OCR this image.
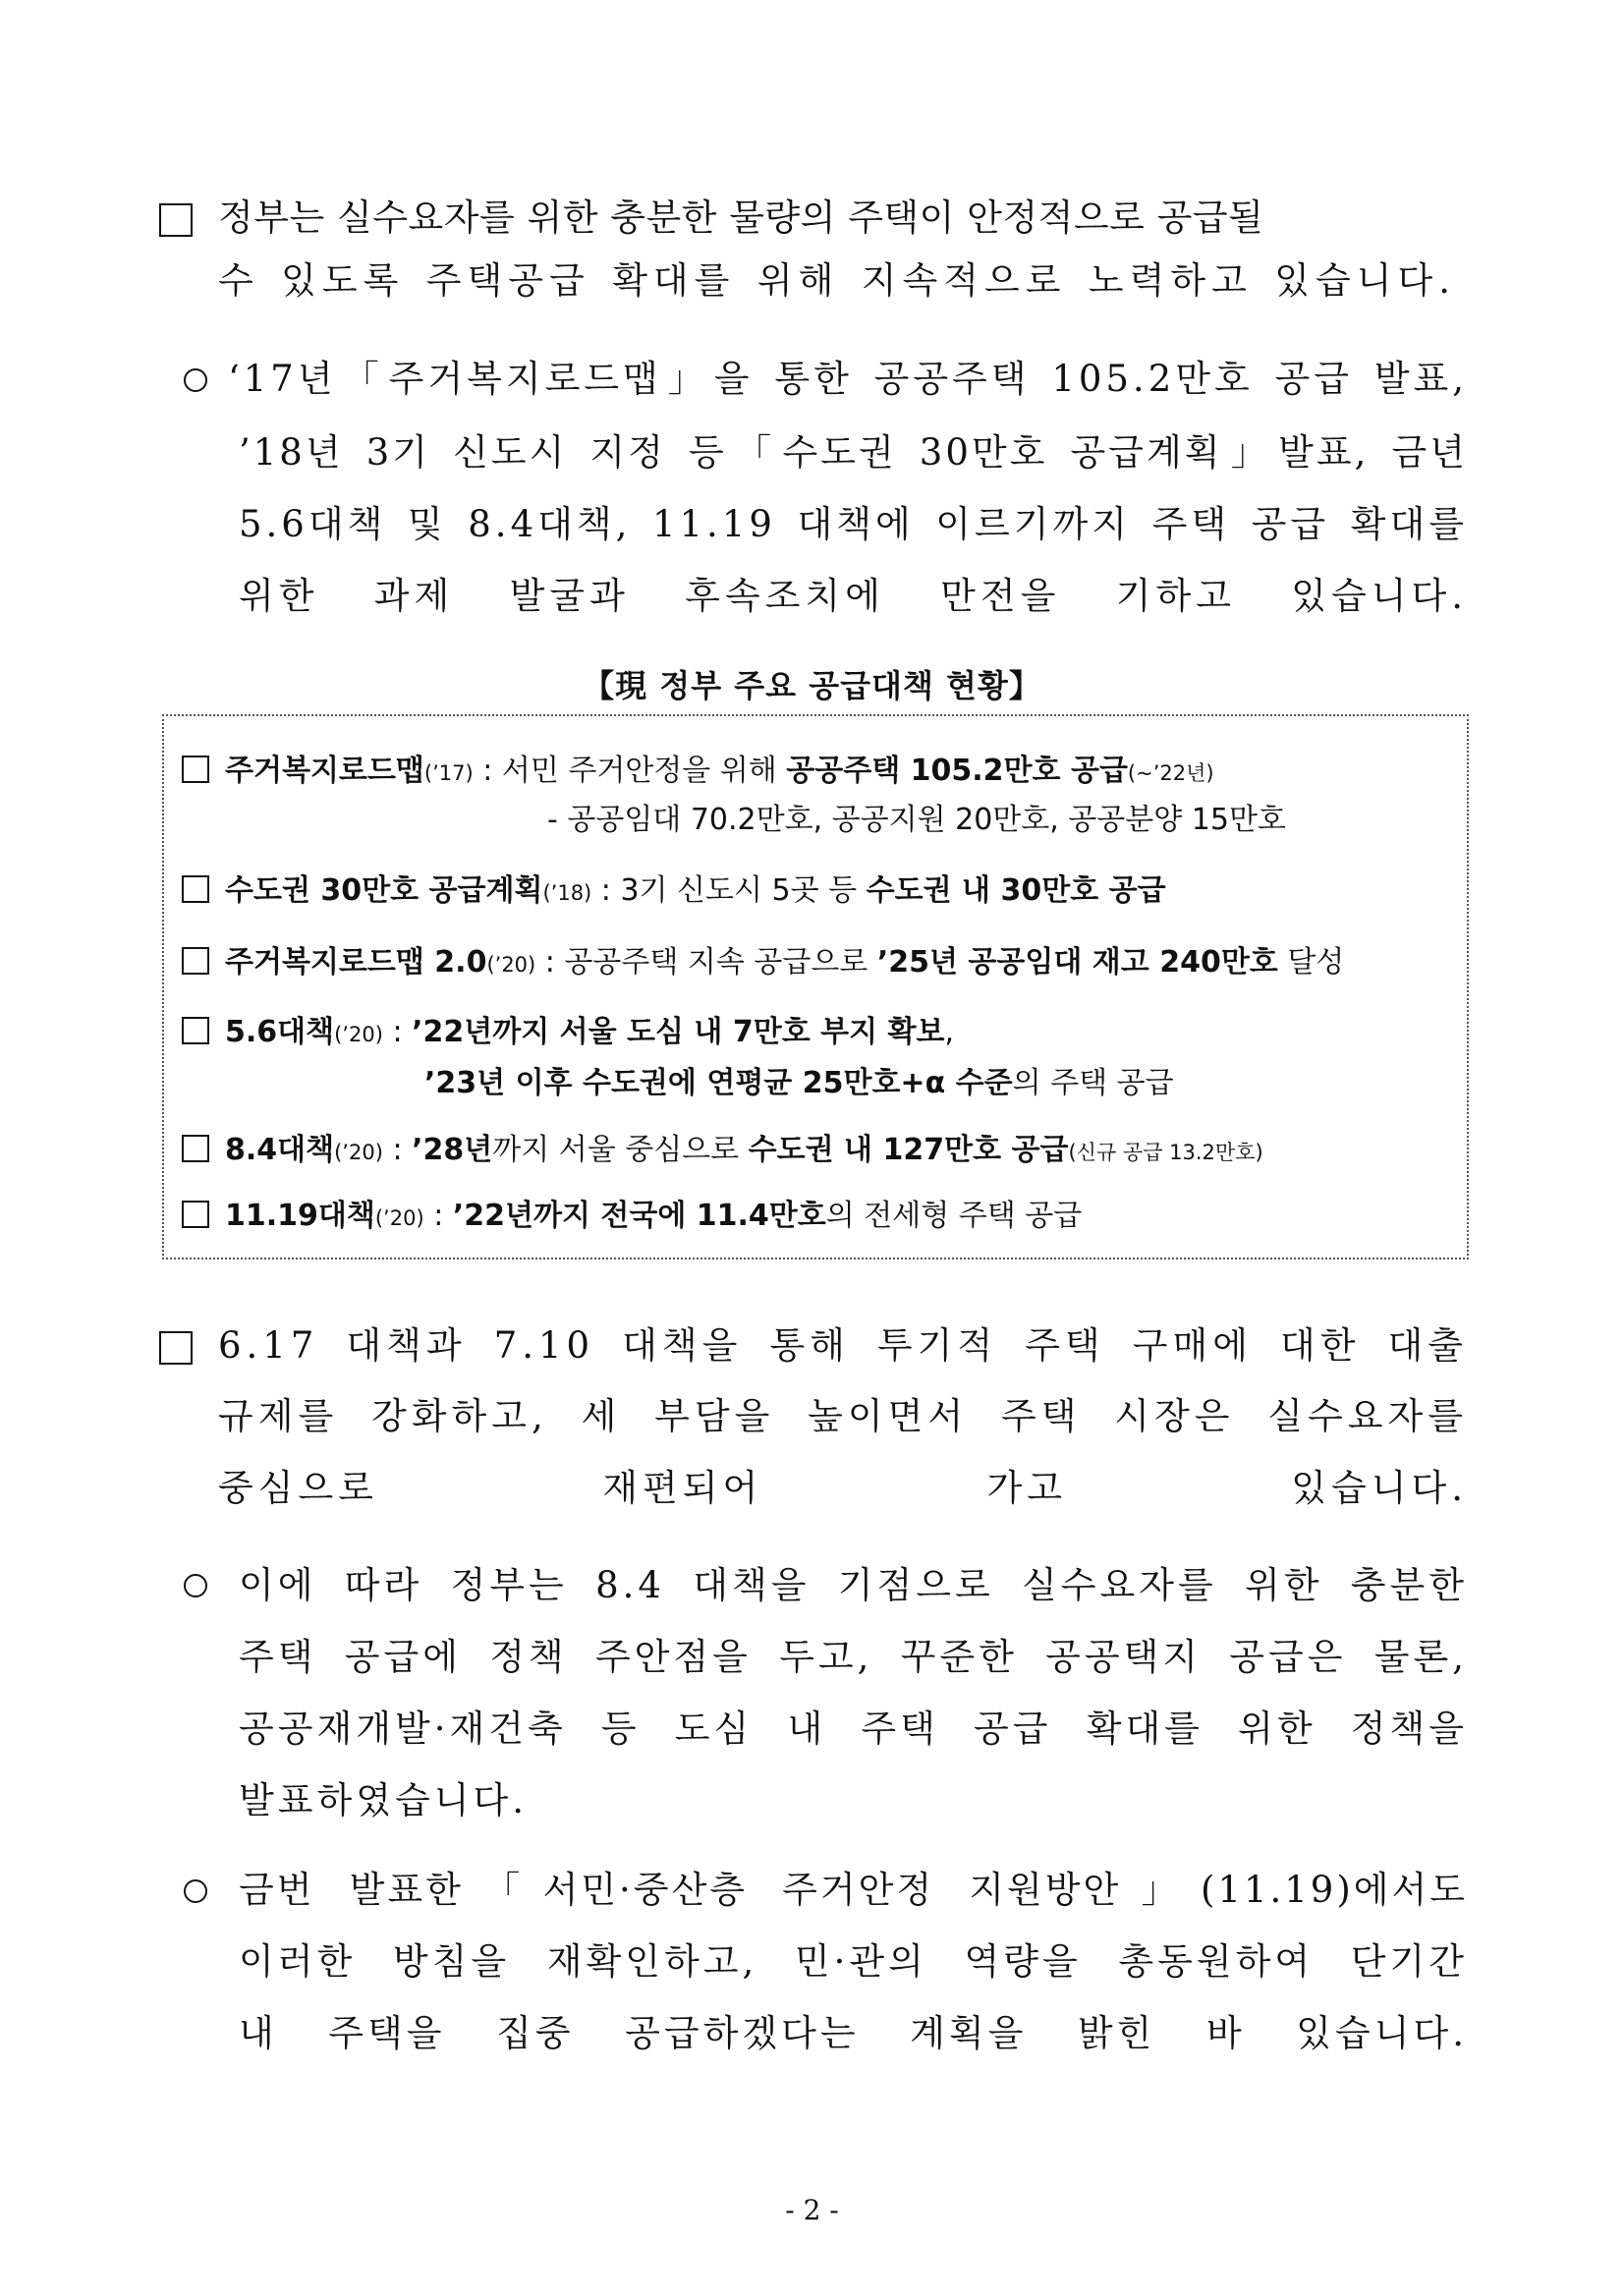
정부는 실수요자를 위한 충분한 물량의 주택이 안정적으로 공급될
수 있도록 주택공급 확대를 위해 지속적으로 노력하고 있습니다.
‘17년「주거복지로드맵」을 통한 공공주택 105.2만호 공급 발표,
’18년 3기 신도시 지정 등「수도권 30만호 공급계획」발표, 금년
5.6대책 및 8.4대책, 11.19 대책에 이르기까지 주택 공급 확대를
위한 과제 발굴과 후속조치에 만전을 기하고 있습니다.
【現 정부 주요 공급대책 현황】
주거복지로드맵(’17) : 서민 주거안정을 위해 공공주택 105.2만호 공급(~’22년)
- 공공임대 70.2만호, 공공지원 20만호, 공공분양 15만호
수도권 30만호 공급계획(’18) : 3기 신도시 5곳 등 수도권 내 30만호 공급
주거복지로드맵 2.0(’20) : 공공주택 지속 공급으로 ’25년 공공임대 재고 240만호 달성
5.6대책(’20) : ’22년까지 서울 도심 내 7만호 부지 확보,
’23년 이후 수도권에 연평균 25만호+α 수준의 주택 공급
8.4대책(’20) : ’28년까지 서울 중심으로 수도권 내 127만호 공급(신규 공급 13.2만호)
11.19대책(’20) : ’22년까지 전국에 11.4만호의 전세형 주택 공급
6.17 대책과 7.10 대책을 통해 투기적 주택 구매에 대한 대출
규제를 강화하고, 세 부담을 높이면서 주택 시장은 실수요자를
중심으로 재편되어 가고 있습니다.
이에 따라 정부는 8.4 대책을 기점으로 실수요자를 위한 충분한
주택 공급에 정책 주안점을 두고, 꾸준한 공공택지 공급은 물론,
공공재개발·재건축 등 도심 내 주택 공급 확대를 위한 정책을
발표하였습니다.
금번 발표한「서민·중산층 주거안정 지원방안」(11.19)에서도
이러한 방침을 재확인하고, 민·관의 역량을 총동원하여 단기간
내 주택을 집중 공급하겠다는 계획을 밝힌 바 있습니다.
- 2 -
